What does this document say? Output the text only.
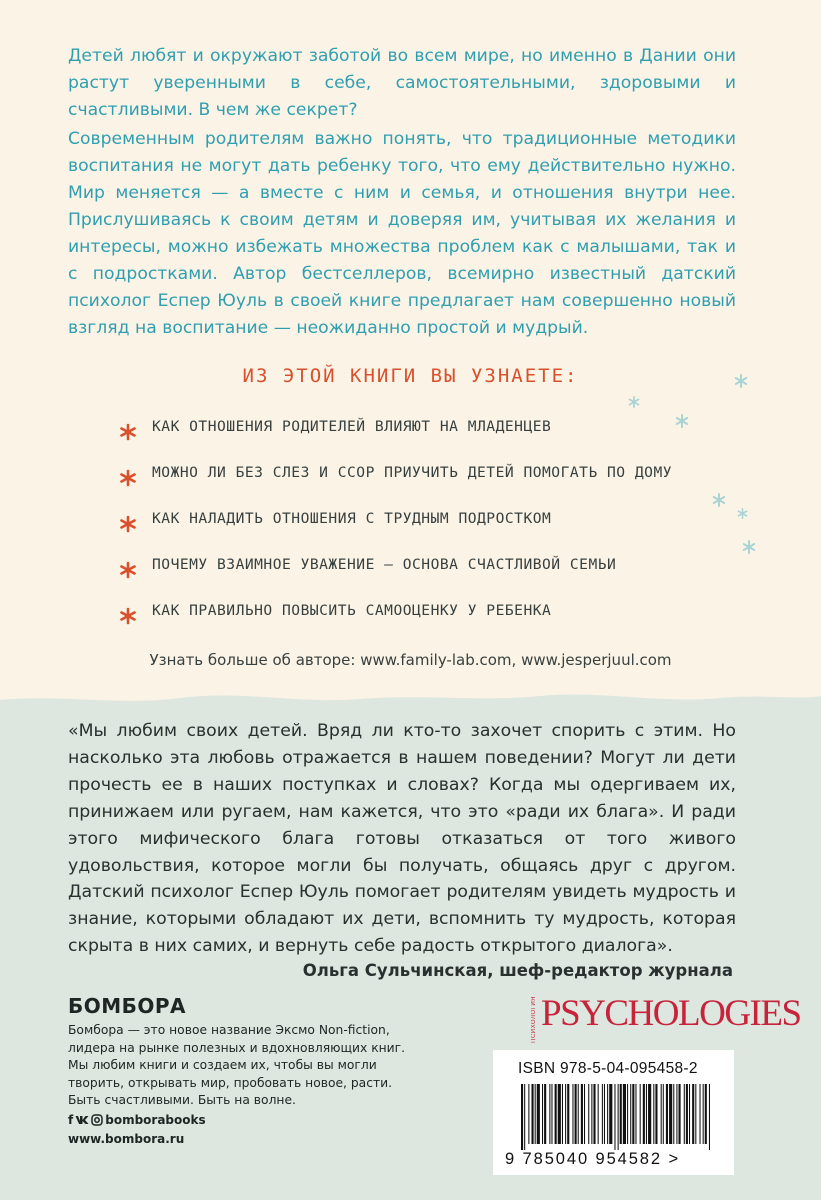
Детей любят и окружают заботой во всем мире, но именно в Дании они растут уверенными в себе, самостоятельными, здоровыми и счастливыми. В чем же секрет?

Современным родителям важно понять, что традиционные методики воспитания не могут дать ребенку того, что ему действительно нужно. Мир меняется — а вместе с ним и семья, и отношения внутри нее. Прислушиваясь к своим детям и доверяя им, учитывая их желания и интересы, можно избежать множества проблем как с малышами, так и с подростками. Автор бестселлеров, всемирно известный датский психолог Еспер Юуль в своей книге предлагает нам совершенно новый взгляд на воспитание — неожиданно простой и мудрый.

ИЗ ЭТОЙ КНИГИ ВЫ УЗНАЕТЕ:

КАК ОТНОШЕНИЯ РОДИТЕЛЕЙ ВЛИЯЮТ НА МЛАДЕНЦЕВ
МОЖНО ЛИ БЕЗ СЛЕЗ И ССОР ПРИУЧИТЬ ДЕТЕЙ ПОМОГАТЬ ПО ДОМУ
КАК НАЛАДИТЬ ОТНОШЕНИЯ С ТРУДНЫМ ПОДРОСТКОМ
ПОЧЕМУ ВЗАИМНОЕ УВАЖЕНИЕ – ОСНОВА СЧАСТЛИВОЙ СЕМЬИ
КАК ПРАВИЛЬНО ПОВЫСИТЬ САМООЦЕНКУ У РЕБЕНКА

Узнать больше об авторе: www.family-lab.com, www.jesperjuul.com

«Мы любим своих детей. Вряд ли кто-то захочет спорить с этим. Но насколько эта любовь отражается в нашем поведении? Могут ли дети прочесть ее в наших поступках и словах? Когда мы одергиваем их, принижаем или ругаем, нам кажется, что это «ради их блага». И ради этого мифического блага готовы отказаться от того живого удовольствия, которое могли бы получать, общаясь друг с другом. Датский психолог Еспер Юуль помогает родителям увидеть мудрость и знание, которыми обладают их дети, вспомнить ту мудрость, которая скрыта в них самих, и вернуть себе радость открытого диалога».

Ольга Сульчинская, шеф-редактор журнала

ПСИХОЛОГИЯ PSYCHOLOGIES

БОМБОРА

Бомбора — это новое название Эксмо Non-fiction, лидера на рынке полезных и вдохновляющих книг. Мы любим книги и создаем их, чтобы вы могли творить, открывать мир, пробовать новое, расти. Быть счастливыми. Быть на волне.

f	bomborabooks

www.bombora.ru

ISBN 978-5-04-095458-2
9 785040 954582 >
